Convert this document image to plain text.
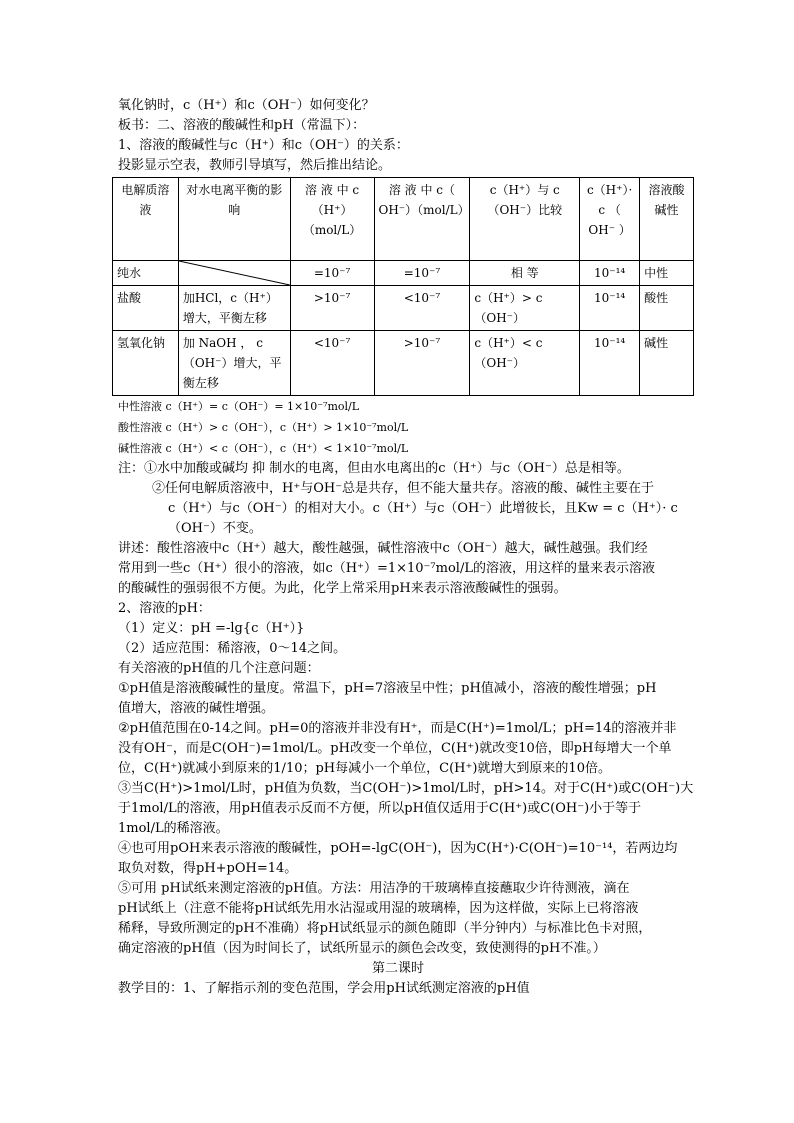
氧化钠时，c（H⁺）和c（OH⁻）如何变化？
板书：二、溶液的酸碱性和pH（常温下）：
1、溶液的酸碱性与c（H⁺）和c（OH⁻）的关系：
投影显示空表，教师引导填写，然后推出结论。
电解质溶液	对水电离平衡的影响	溶 液 中 c（H⁺）（mol/L）	溶 液 中 c（ OH⁻）（mol/L）	c（H⁺）与 c（OH⁻）比较	c（H⁺）· c （ OH⁻ ）	溶液酸碱性
纯水		=10⁻⁷	=10⁻⁷	相 等	10⁻¹⁴	中性
盐酸	加HCl，c（H⁺）增大，平衡左移	>10⁻⁷	<10⁻⁷	c（H⁺）> c（OH⁻）	10⁻¹⁴	酸性
氢氧化钠	加 NaOH ， c （OH⁻）增大，平衡左移	<10⁻⁷	>10⁻⁷	c（H⁺）< c（OH⁻）	10⁻¹⁴	碱性
中性溶液 c（H⁺）= c（OH⁻）= 1×10⁻⁷mol/L
酸性溶液 c（H⁺）> c（OH⁻），c（H⁺）> 1×10⁻⁷mol/L
碱性溶液 c（H⁺）< c（OH⁻），c（H⁺）< 1×10⁻⁷mol/L
注：①水中加酸或碱均 抑 制水的电离，但由水电离出的c（H⁺）与c（OH⁻）总是相等。
②任何电解质溶液中，H⁺与OH⁻总是共存，但不能大量共存。溶液的酸、碱性主要在于
c（H⁺）与c（OH⁻）的相对大小。c（H⁺）与c（OH⁻）此增彼长，且Kw = c（H⁺）· c
（OH⁻）不变。
讲述：酸性溶液中c（H⁺）越大，酸性越强，碱性溶液中c（OH⁻）越大，碱性越强。我们经
常用到一些c（H⁺）很小的溶液，如c（H⁺）=1×10⁻⁷mol/L的溶液，用这样的量来表示溶液
的酸碱性的强弱很不方便。为此，化学上常采用pH来表示溶液酸碱性的强弱。
2、溶液的pH：
（1）定义：pH =-lg{c（H⁺）}
（2）适应范围：稀溶液，0～14之间。
有关溶液的pH值的几个注意问题：
①pH值是溶液酸碱性的量度。常温下，pH=7溶液呈中性；pH值减小，溶液的酸性增强；pH
值增大，溶液的碱性增强。
②pH值范围在0-14之间。pH=0的溶液并非没有H⁺，而是C(H⁺)=1mol/L；pH=14的溶液并非
没有OH⁻，而是C(OH⁻)=1mol/L。pH改变一个单位，C(H⁺)就改变10倍，即pH每增大一个单
位，C(H⁺)就减小到原来的1/10；pH每减小一个单位，C(H⁺)就增大到原来的10倍。
③当C(H⁺)>1mol/L时，pH值为负数，当C(OH⁻)>1mol/L时，pH>14。对于C(H⁺)或C(OH⁻)大
于1mol/L的溶液，用pH值表示反而不方便，所以pH值仅适用于C(H⁺)或C(OH⁻)小于等于
1mol/L的稀溶液。
④也可用pOH来表示溶液的酸碱性，pOH=-lgC(OH⁻)，因为C(H⁺)·C(OH⁻)=10⁻¹⁴，若两边均
取负对数，得pH+pOH=14。
⑤可用 pH试纸来测定溶液的pH值。方法：用洁净的干玻璃棒直接蘸取少许待测液，滴在
pH试纸上（注意不能将pH试纸先用水沾湿或用湿的玻璃棒，因为这样做，实际上已将溶液
稀释，导致所测定的pH不准确）将pH试纸显示的颜色随即（半分钟内）与标准比色卡对照，
确定溶液的pH值（因为时间长了，试纸所显示的颜色会改变，致使测得的pH不准。）
第二课时
教学目的：1、了解指示剂的变色范围，学会用pH试纸测定溶液的pH值
